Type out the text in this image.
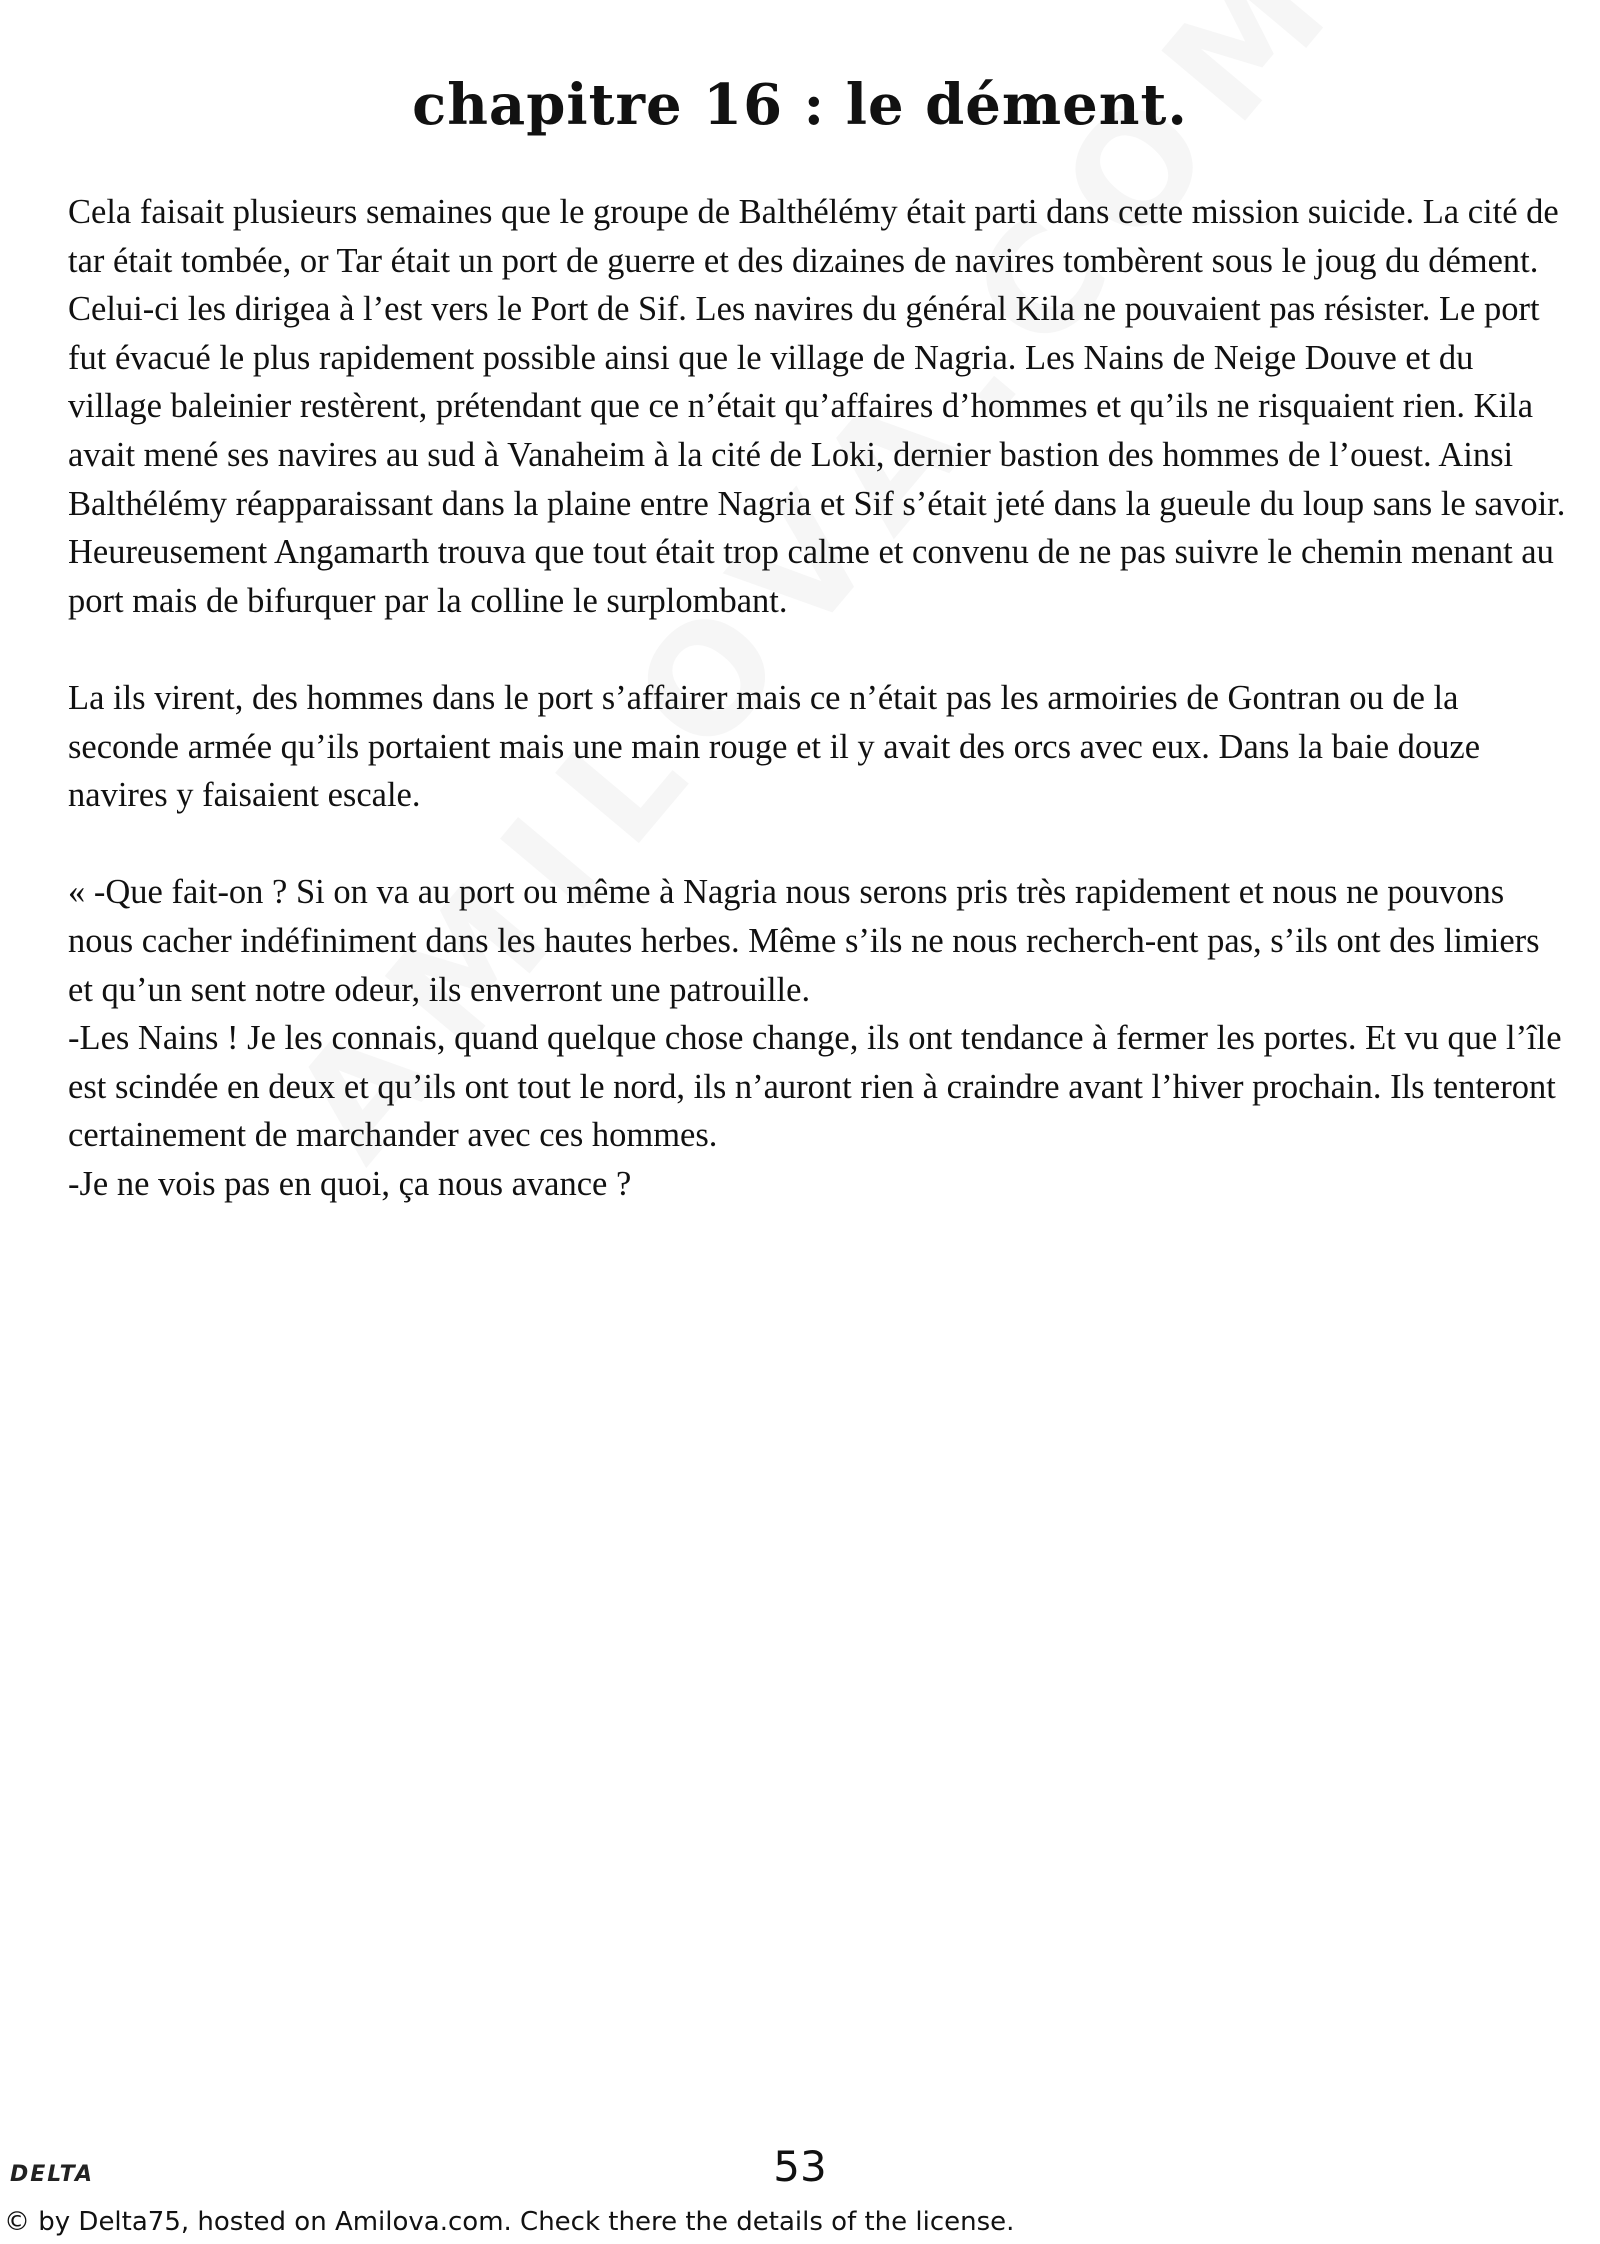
chapitre 16 : le dément.

Cela faisait plusieurs semaines que le groupe de Balthélémy était parti dans cette mission suicide. La cité de tar était tombée, or Tar était un port de guerre et des dizaines de navires tombèrent sous le joug du dément. Celui-ci les dirigea à l’est vers le Port de Sif. Les navires du général Kila ne pouvaient pas résister. Le port fut évacué le plus rapidement possible ainsi que le village de Nagria. Les Nains de Neige Douve et du village baleinier restèrent, prétendant que ce n’était qu’affaires d’hommes et qu’ils ne risquaient rien. Kila avait mené ses navires au sud à Vanaheim à la cité de Loki, dernier bastion des hommes de l’ouest. Ainsi Balthélémy réapparaissant dans la plaine entre Nagria et Sif s’était jeté dans la gueule du loup sans le savoir.

Heureusement Angamarth trouva que tout était trop calme et convenu de ne pas suivre le chemin menant au port mais de bifurquer par la colline le surplombant.

La ils virent, des hommes dans le port s’affairer mais ce n’était pas les armoiries de Gontran ou de la seconde armée qu’ils portaient mais une main rouge et il y avait des orcs avec eux. Dans la baie douze navires y faisaient escale.

« -Que fait-on ? Si on va au port ou même à Nagria nous serons pris très rapidement et nous ne pouvons nous cacher indéfiniment dans les hautes herbes. Même s’ils ne nous recherch-ent pas, s’ils ont des limiers et qu’un sent notre odeur, ils enverront une patrouille.

-Les Nains ! Je les connais, quand quelque chose change, ils ont tendance à fermer les portes. Et vu que l’île est scindée en deux et qu’ils ont tout le nord, ils n’auront rien à craindre avant l’hiver prochain. Ils tenteront certainement de marchander avec ces hommes.

-Je ne vois pas en quoi, ça nous avance ?

DELTA	53
© by Delta75, hosted on Amilova.com. Check there the details of the license.
